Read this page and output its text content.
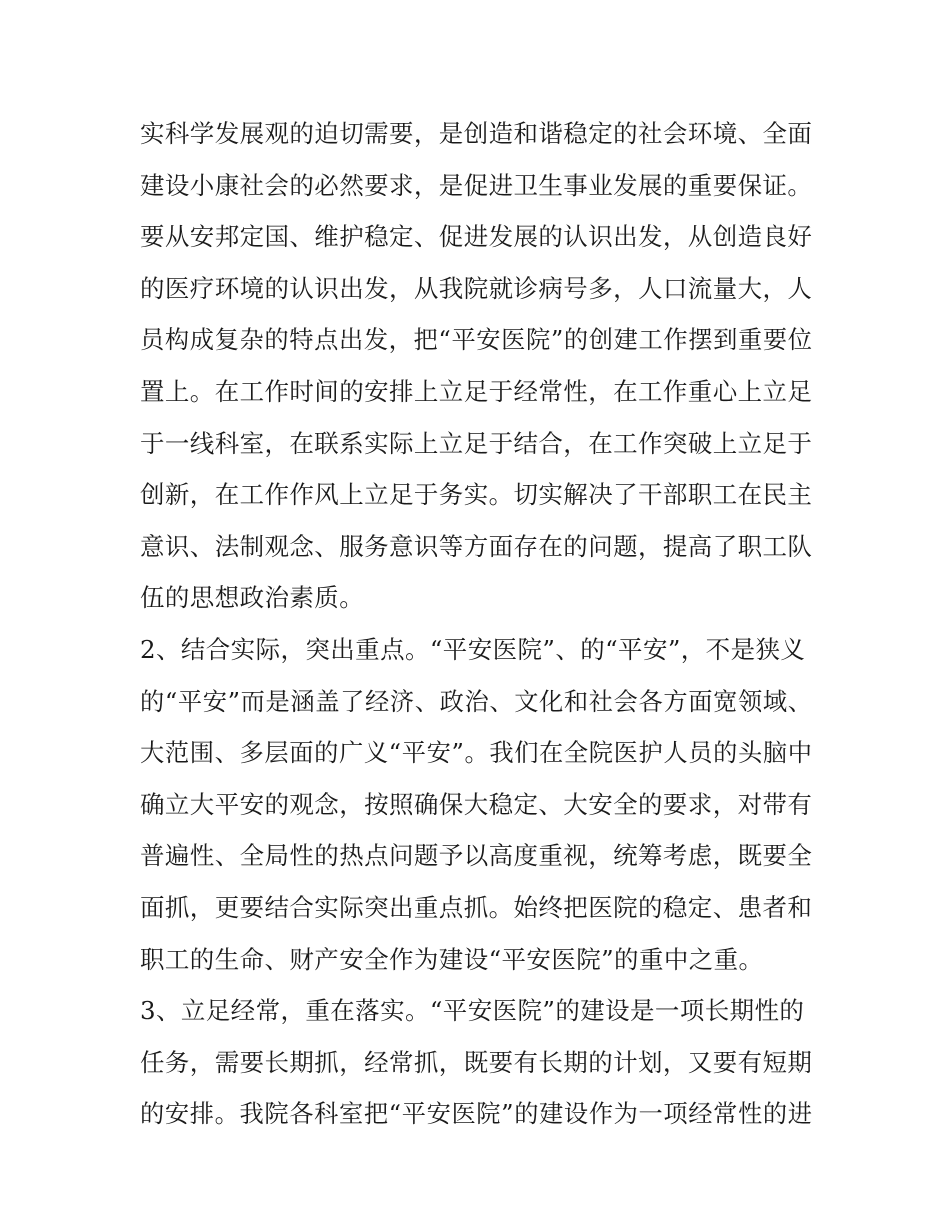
实科学发展观的迫切需要，是创造和谐稳定的社会环境、全面
建设小康社会的必然要求，是促进卫生事业发展的重要保证。
要从安邦定国、维护稳定、促进发展的认识出发，从创造良好
的医疗环境的认识出发，从我院就诊病号多，人口流量大，人
员构成复杂的特点出发，把“平安医院”的创建工作摆到重要位
置上。在工作时间的安排上立足于经常性，在工作重心上立足
于一线科室，在联系实际上立足于结合，在工作突破上立足于
创新，在工作作风上立足于务实。切实解决了干部职工在民主
意识、法制观念、服务意识等方面存在的问题，提高了职工队
伍的思想政治素质。
2、结合实际，突出重点。“平安医院”、的“平安”，不是狭义
的“平安”而是涵盖了经济、政治、文化和社会各方面宽领域、
大范围、多层面的广义“平安”。我们在全院医护人员的头脑中
确立大平安的观念，按照确保大稳定、大安全的要求，对带有
普遍性、全局性的热点问题予以高度重视，统筹考虑，既要全
面抓，更要结合实际突出重点抓。始终把医院的稳定、患者和
职工的生命、财产安全作为建设“平安医院”的重中之重。
3、立足经常，重在落实。“平安医院”的建设是一项长期性的
任务，需要长期抓，经常抓，既要有长期的计划，又要有短期
的安排。我院各科室把“平安医院”的建设作为一项经常性的进
